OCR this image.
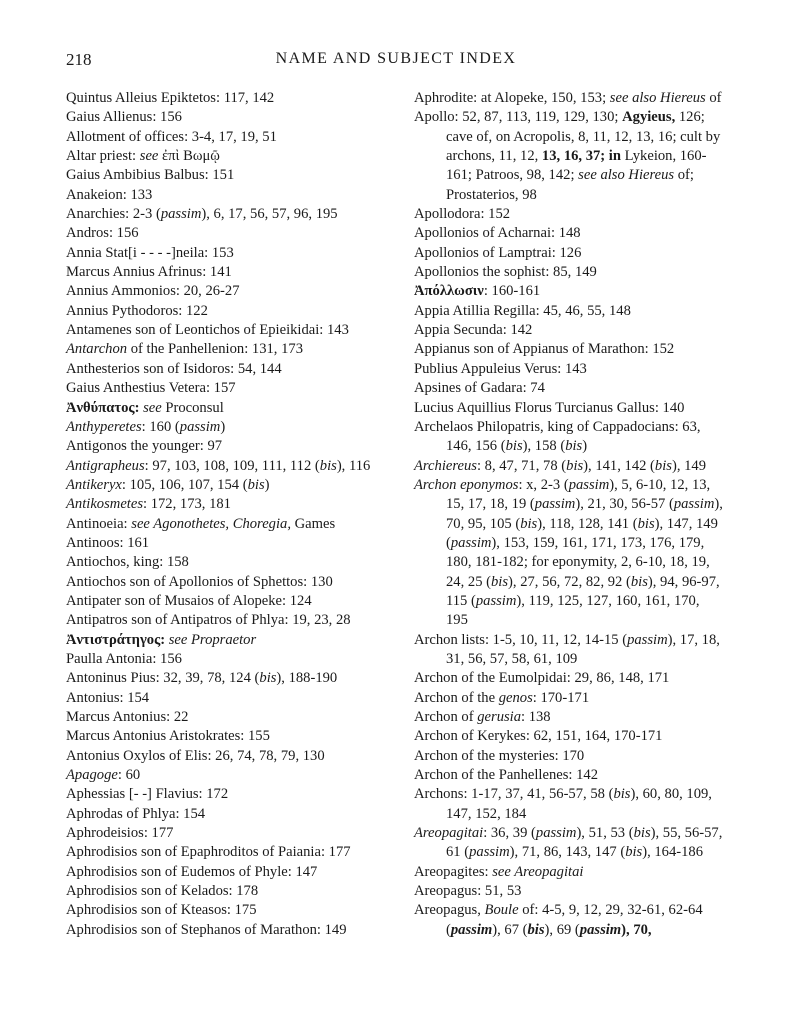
218	NAME AND SUBJECT INDEX
Quintus Alleius Epiktetos: 117, 142
Gaius Allienus: 156
Allotment of offices: 3-4, 17, 19, 51
Altar priest: see ἐπὶ Βωμῷ
Gaius Ambibius Balbus: 151
Anakeion: 133
Anarchies: 2-3 (passim), 6, 17, 56, 57, 96, 195
Andros: 156
Annia Stat[i - - - -]neila: 153
Marcus Annius Afrinus: 141
Annius Ammonios: 20, 26-27
Annius Pythodoros: 122
Antamenes son of Leontichos of Epieikidai: 143
Antarchon of the Panhellenion: 131, 173
Anthesterios son of Isidoros: 54, 144
Gaius Anthestius Vetera: 157
Ἀνθύπατος: see Proconsul
Anthyperetes: 160 (passim)
Antigonos the younger: 97
Antigrapheus: 97, 103, 108, 109, 111, 112 (bis), 116
Antikeryx: 105, 106, 107, 154 (bis)
Antikosmetes: 172, 173, 181
Antinoeia: see Agonothetes, Choregia, Games
Antinoos: 161
Antiochos, king: 158
Antiochos son of Apollonios of Sphettos: 130
Antipater son of Musaios of Alopeke: 124
Antipatros son of Antipatros of Phlya: 19, 23, 28
Ἀντιστράτηγος: see Propraetor
Paulla Antonia: 156
Antoninus Pius: 32, 39, 78, 124 (bis), 188-190
Antonius: 154
Marcus Antonius: 22
Marcus Antonius Aristokrates: 155
Antonius Oxylos of Elis: 26, 74, 78, 79, 130
Apagoge: 60
Aphessias [- -] Flavius: 172
Aphrodas of Phlya: 154
Aphrodeisios: 177
Aphrodisios son of Epaphroditos of Paiania: 177
Aphrodisios son of Eudemos of Phyle: 147
Aphrodisios son of Kelados: 178
Aphrodisios son of Kteasos: 175
Aphrodisios son of Stephanos of Marathon: 149
Aphrodite: at Alopeke, 150, 153; see also Hiereus of
Apollo: 52, 87, 113, 119, 129, 130; Agyieus, 126; cave of, on Acropolis, 8, 11, 12, 13, 16; cult by archons, 11, 12, 13, 16, 37; in Lykeion, 160-161; Patroos, 98, 142; see also Hiereus of; Prostaterios, 98
Apollodora: 152
Apollonios of Acharnai: 148
Apollonios of Lamptrai: 126
Apollonios the sophist: 85, 149
Ἀπόλλωσιν: 160-161
Appia Atillia Regilla: 45, 46, 55, 148
Appia Secunda: 142
Appianus son of Appianus of Marathon: 152
Publius Appuleius Verus: 143
Apsines of Gadara: 74
Lucius Aquillius Florus Turcianus Gallus: 140
Archelaos Philopatris, king of Cappadocians: 63, 146, 156 (bis), 158 (bis)
Archiereus: 8, 47, 71, 78 (bis), 141, 142 (bis), 149
Archon eponymos: x, 2-3 (passim), 5, 6-10, 12, 13, 15, 17, 18, 19 (passim), 21, 30, 56-57 (passim), 70, 95, 105 (bis), 118, 128, 141 (bis), 147, 149 (passim), 153, 159, 161, 171, 173, 176, 179, 180, 181-182; for eponymity, 2, 6-10, 18, 19, 24, 25 (bis), 27, 56, 72, 82, 92 (bis), 94, 96-97, 115 (passim), 119, 125, 127, 160, 161, 170, 195
Archon lists: 1-5, 10, 11, 12, 14-15 (passim), 17, 18, 31, 56, 57, 58, 61, 109
Archon of the Eumolpidai: 29, 86, 148, 171
Archon of the genos: 170-171
Archon of gerusia: 138
Archon of Kerykes: 62, 151, 164, 170-171
Archon of the mysteries: 170
Archon of the Panhellenes: 142
Archons: 1-17, 37, 41, 56-57, 58 (bis), 60, 80, 109, 147, 152, 184
Areopagitai: 36, 39 (passim), 51, 53 (bis), 55, 56-57, 61 (passim), 71, 86, 143, 147 (bis), 164-186
Areopagites: see Areopagitai
Areopagus: 51, 53
Areopagus, Boule of: 4-5, 9, 12, 29, 32-61, 62-64 (passim), 67 (bis), 69 (passim), 70,
